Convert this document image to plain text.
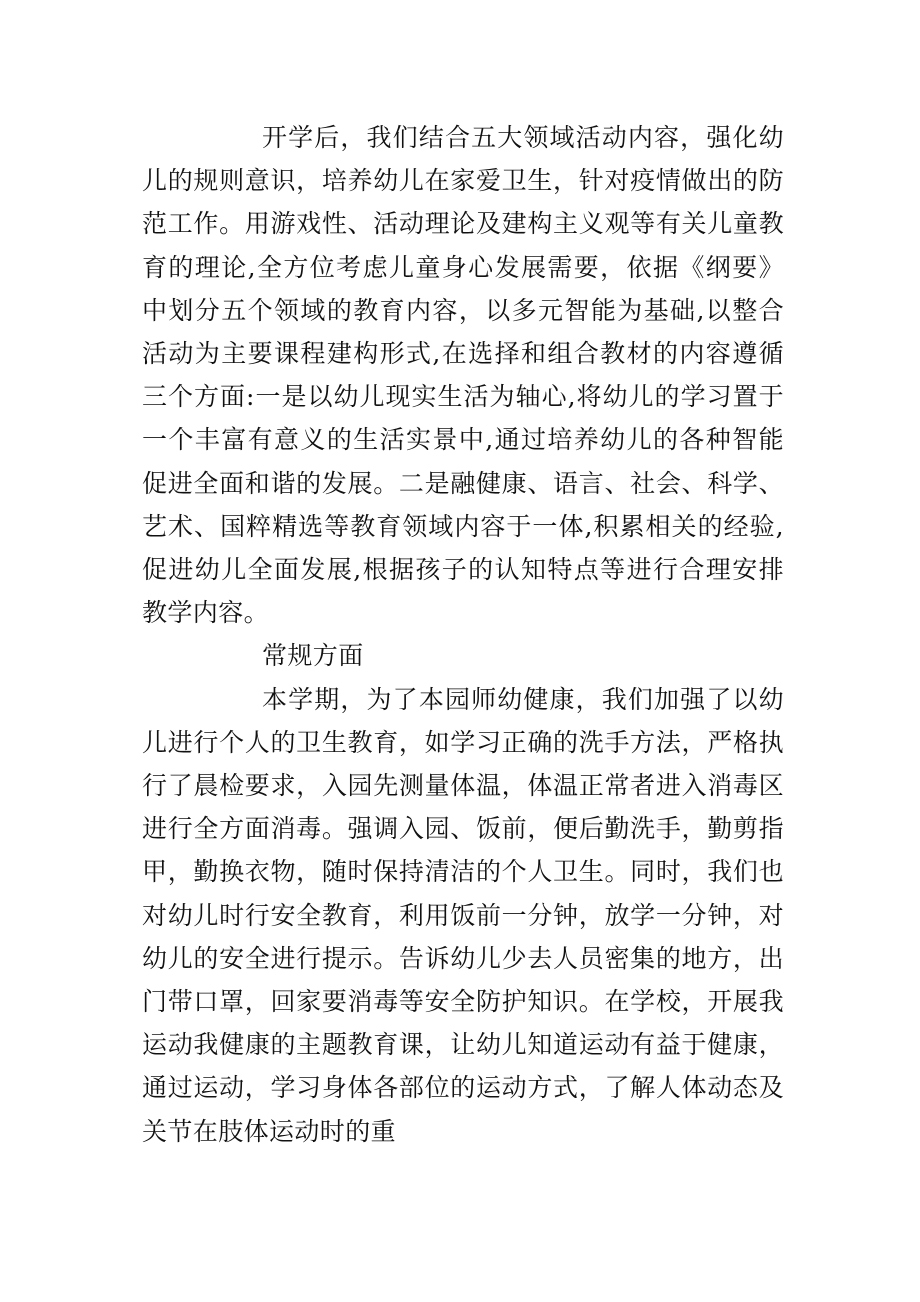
开学后，我们结合五大领域活动内容，强化幼儿的规则意识，培养幼儿在家爱卫生，针对疫情做出的防范工作。用游戏性、活动理论及建构主义观等有关儿童教育的理论,全方位考虑儿童身心发展需要，依据《纲要》中划分五个领域的教育内容，以多元智能为基础,以整合活动为主要课程建构形式,在选择和组合教材的内容遵循三个方面:一是以幼儿现实生活为轴心,将幼儿的学习置于一个丰富有意义的生活实景中,通过培养幼儿的各种智能促进全面和谐的发展。二是融健康、语言、社会、科学、艺术、国粹精选等教育领域内容于一体,积累相关的经验,促进幼儿全面发展,根据孩子的认知特点等进行合理安排教学内容。

常规方面

本学期，为了本园师幼健康，我们加强了以幼儿进行个人的卫生教育，如学习正确的洗手方法，严格执行了晨检要求，入园先测量体温，体温正常者进入消毒区进行全方面消毒。强调入园、饭前，便后勤洗手，勤剪指甲，勤换衣物，随时保持清洁的个人卫生。同时，我们也对幼儿时行安全教育，利用饭前一分钟，放学一分钟，对幼儿的安全进行提示。告诉幼儿少去人员密集的地方，出门带口罩，回家要消毒等安全防护知识。在学校，开展我运动我健康的主题教育课，让幼儿知道运动有益于健康，通过运动，学习身体各部位的运动方式，了解人体动态及关节在肢体运动时的重
